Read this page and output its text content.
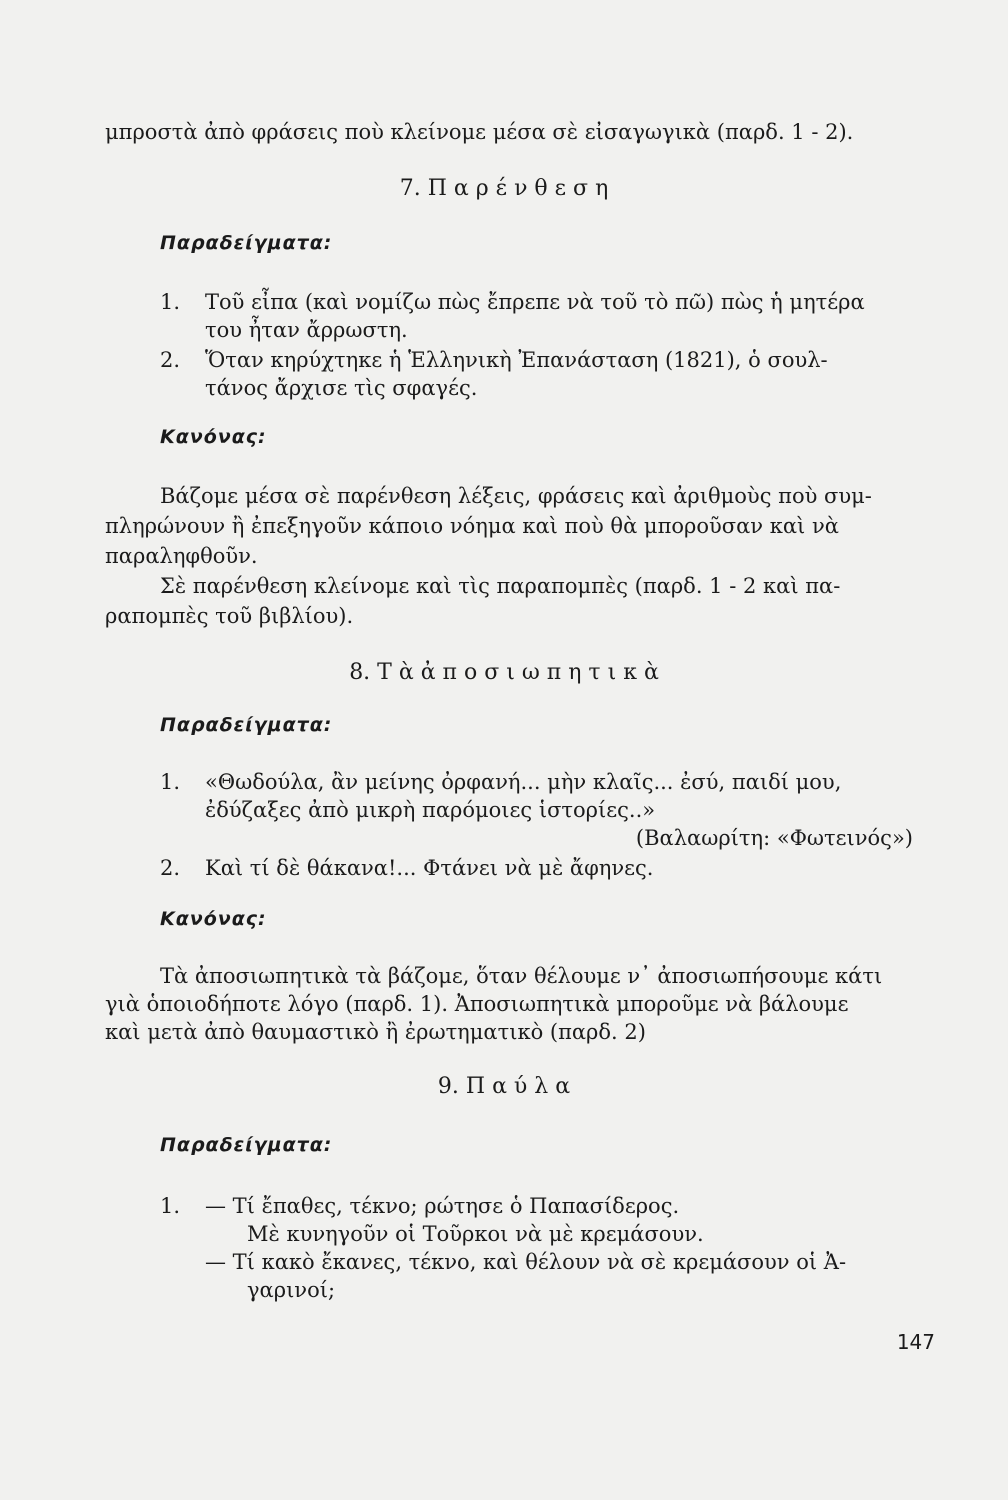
μπροστὰ ἀπὸ φράσεις ποὺ κλείνομε μέσα σὲ εἰσαγωγικὰ (παρδ. 1 - 2).
7. Π α ρ έ ν θ ε σ η
Παραδείγματα:
1. Τοῦ εἶπα (καὶ νομίζω πὼς ἔπρεπε νὰ τοῦ τὸ πῶ) πὼς ἡ μητέρα
του ἦταν ἄρρωστη.
2. Ὅταν κηρύχτηκε ἡ Ἑλληνικὴ Ἐπανάσταση (1821), ὁ σουλ-
τάνος ἄρχισε τὶς σφαγές.
Κανόνας:
Βάζομε μέσα σὲ παρένθεση λέξεις, φράσεις καὶ ἀριθμοὺς ποὺ συμ-
πληρώνουν ἢ ἐπεξηγοῦν κάποιο νόημα καὶ ποὺ θὰ μποροῦσαν καὶ νὰ
παραληφθοῦν.
Σὲ παρένθεση κλείνομε καὶ τὶς παραπομπὲς (παρδ. 1 - 2 καὶ πα-
ραπομπὲς τοῦ βιβλίου).
8. Τ ὰ ἀ π ο σ ι ω π η τ ι κ ὰ
Παραδείγματα:
1. «Θωδούλα, ἂν μείνης ὀρφανή... μὴν κλαῖς... ἐσύ, παιδί μου,
ἐδύζαξες ἀπὸ μικρὴ παρόμοιες ἱστορίες..»
(Βαλαωρίτη: «Φωτεινός»)
2. Καὶ τί δὲ θάκανα!... Φτάνει νὰ μὲ ἄφηνες.
Κανόνας:
Τὰ ἀποσιωπητικὰ τὰ βάζομε, ὅταν θέλουμε ν᾽ ἀποσιωπήσουμε κάτι
γιὰ ὁποιοδήποτε λόγο (παρδ. 1). Ἀποσιωπητικὰ μποροῦμε νὰ βάλουμε
καὶ μετὰ ἀπὸ θαυμαστικὸ ἢ ἐρωτηματικὸ (παρδ. 2)
9. Π α ύ λ α
Παραδείγματα:
1. — Τί ἔπαθες, τέκνο; ρώτησε ὁ Παπασίδερος.
Μὲ κυνηγοῦν οἱ Τοῦρκοι νὰ μὲ κρεμάσουν.
— Τί κακὸ ἔκανες, τέκνο, καὶ θέλουν νὰ σὲ κρεμάσουν οἱ Ἀ-
γαρινοί;
147
